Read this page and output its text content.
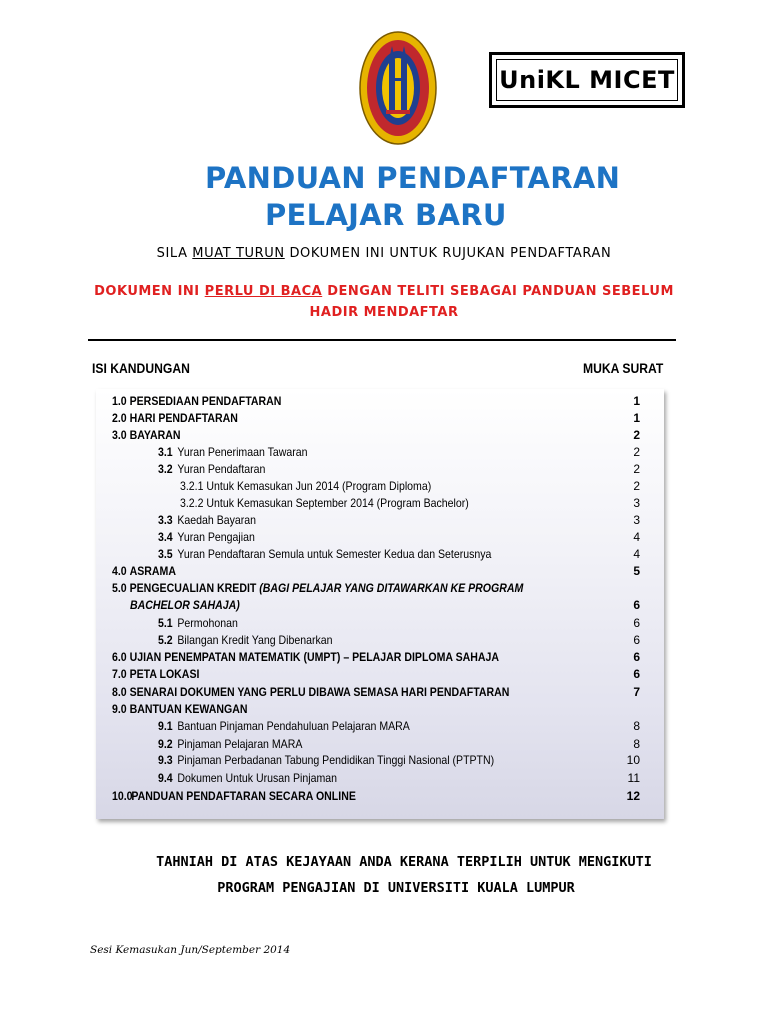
UniKL MICET
PANDUAN PENDAFTARAN
PELAJAR BARU
SILA MUAT TURUN DOKUMEN INI UNTUK RUJUKAN PENDAFTARAN
DOKUMEN INI PERLU DI BACA DENGAN TELITI SEBAGAI PANDUAN SEBELUM HADIR MENDAFTAR
ISI KANDUNGAN	MUKA SURAT
1.0 PERSEDIAAN PENDAFTARAN	1
2.0 HARI PENDAFTARAN	1
3.0 BAYARAN	2
3.1 Yuran Penerimaan Tawaran	2
3.2 Yuran Pendaftaran	2
3.2.1 Untuk Kemasukan Jun 2014 (Program Diploma)	2
3.2.2 Untuk Kemasukan September 2014 (Program Bachelor)	3
3.3 Kaedah Bayaran	3
3.4 Yuran Pengajian	4
3.5 Yuran Pendaftaran Semula untuk Semester Kedua dan Seterusnya	4
4.0 ASRAMA	5
5.0 PENGECUALIAN KREDIT (BAGI PELAJAR YANG DITAWARKAN KE PROGRAM
BACHELOR SAHAJA)	6
5.1 Permohonan	6
5.2 Bilangan Kredit Yang Dibenarkan	6
6.0 UJIAN PENEMPATAN MATEMATIK (UMPT) – PELAJAR DIPLOMA SAHAJA	6
7.0 PETA LOKASI	6
8.0 SENARAI DOKUMEN YANG PERLU DIBAWA SEMASA HARI PENDAFTARAN	7
9.0 BANTUAN KEWANGAN
9.1 Bantuan Pinjaman Pendahuluan Pelajaran MARA	8
9.2 Pinjaman Pelajaran MARA	8
9.3 Pinjaman Perbadanan Tabung Pendidikan Tinggi Nasional (PTPTN)	10
9.4 Dokumen Untuk Urusan Pinjaman	11
10.0PANDUAN PENDAFTARAN SECARA ONLINE	12
TAHNIAH DI ATAS KEJAYAAN ANDA KERANA TERPILIH UNTUK MENGIKUTI
PROGRAM PENGAJIAN DI UNIVERSITI KUALA LUMPUR
Sesi Kemasukan Jun/September 2014
